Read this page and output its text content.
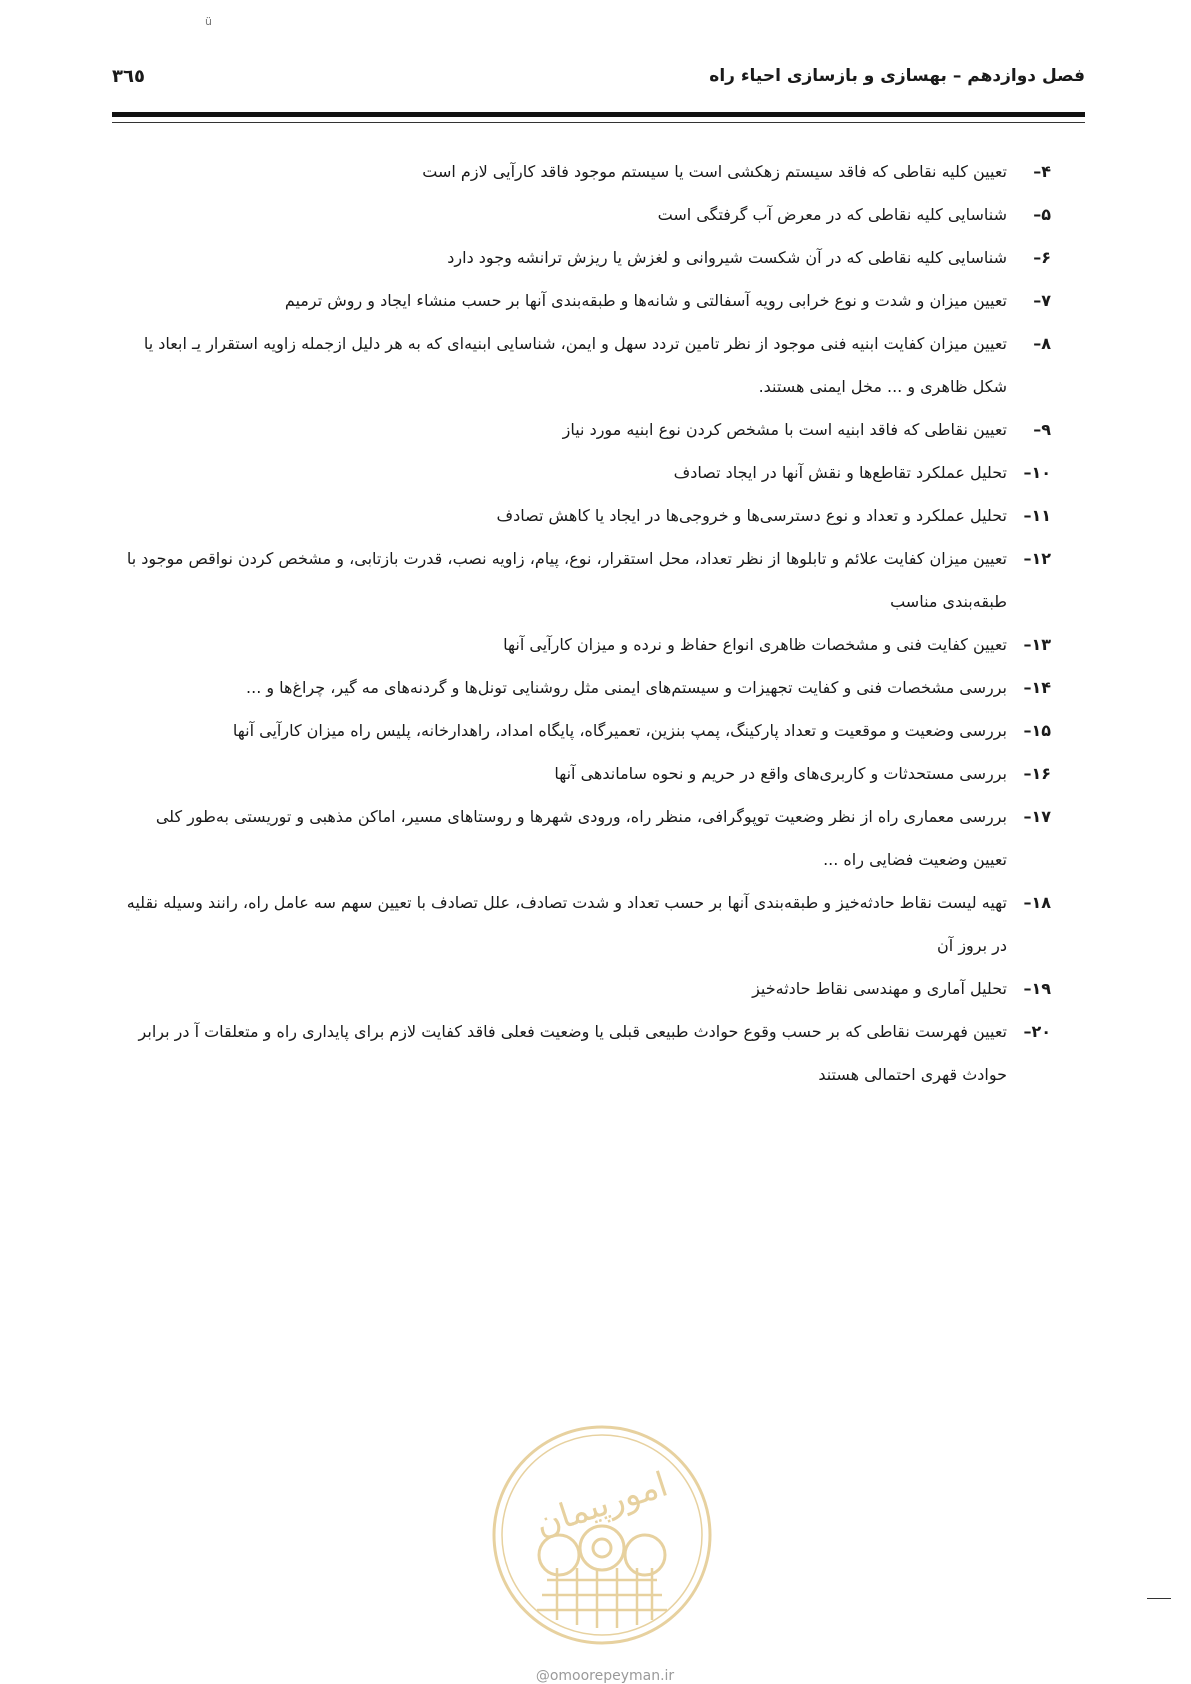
ü
فصل دوازدهم – بهسازی و بازسازی احیاء راه
۳٦٥
۴–
تعیین کلیه نقاطی که فاقد سیستم زهکشی است یا سیستم موجود فاقد کارآیی لازم است
۵–
شناسایی کلیه نقاطی که در معرض آب گرفتگی است
۶–
شناسایی کلیه نقاطی که در آن شکست شیروانی و لغزش یا ریزش ترانشه وجود دارد
۷–
تعیین میزان و شدت و نوع خرابی رویه آسفالتی و شانه‌ها و طبقه‌بندی آنها بر حسب منشاء ایجاد و روش ترمیم
۸–
تعیین میزان کفایت ابنیه فنی موجود از نظر تامین تردد سهل و ایمن، شناسایی ابنیه‌ای که به هر دلیل ازجمله زاویه استقرار یـ ابعاد یا شکل ظاهری و ... مخل ایمنی هستند.
۹–
تعیین نقاطی که فاقد ابنیه است با مشخص کردن نوع ابنیه مورد نیاز
۱۰–
تحلیل عملکرد تقاطع‌ها و نقش آنها در ایجاد تصادف
۱۱–
تحلیل عملکرد و تعداد و نوع دسترسی‌ها و خروجی‌ها در ایجاد یا کاهش تصادف
۱۲–
تعیین میزان کفایت علائم و تابلوها از نظر تعداد، محل استقرار، نوع، پیام، زاویه نصب، قدرت بازتابی، و مشخص کردن نواقص موجود با طبقه‌بندی مناسب
۱۳–
تعیین کفایت فنی و مشخصات ظاهری انواع حفاظ و نرده و میزان کارآیی آنها
۱۴–
بررسی مشخصات فنی و کفایت تجهیزات و سیستم‌های ایمنی مثل روشنایی تونل‌ها و گردنه‌های مه گیر، چراغ‌ها و ...
۱۵–
بررسی وضعیت و موقعیت و تعداد پارکینگ، پمپ بنزین، تعمیرگاه، پایگاه امداد، راهدارخانه، پلیس راه میزان کارآیی آنها
۱۶–
بررسی مستحدثات و کاربری‌های واقع در حریم و نحوه ساماندهی آنها
۱۷–
بررسی معماری راه از نظر وضعیت توپوگرافی، منظر راه، ورودی شهرها و روستاهای مسیر، اماکن مذهبی و توریستی به‌طور کلی تعیین وضعیت فضایی راه ...
۱۸–
تهیه لیست نقاط حادثه‌خیز و طبقه‌بندی آنها بر حسب تعداد و شدت تصادف، علل تصادف با تعیین سهم سه عامل راه، رانند وسیله نقلیه در بروز آن
۱۹–
تحلیل آماری و مهندسی نقاط حادثه‌خیز
۲۰–
تعیین فهرست نقاطی که بر حسب وقوع حوادث طبیعی قبلی یا وضعیت فعلی فاقد کفایت لازم برای پایداری راه و متعلقات آ در برابر حوادث قهری احتمالی هستند
امورپیمان
@omoorepeyman.ir
